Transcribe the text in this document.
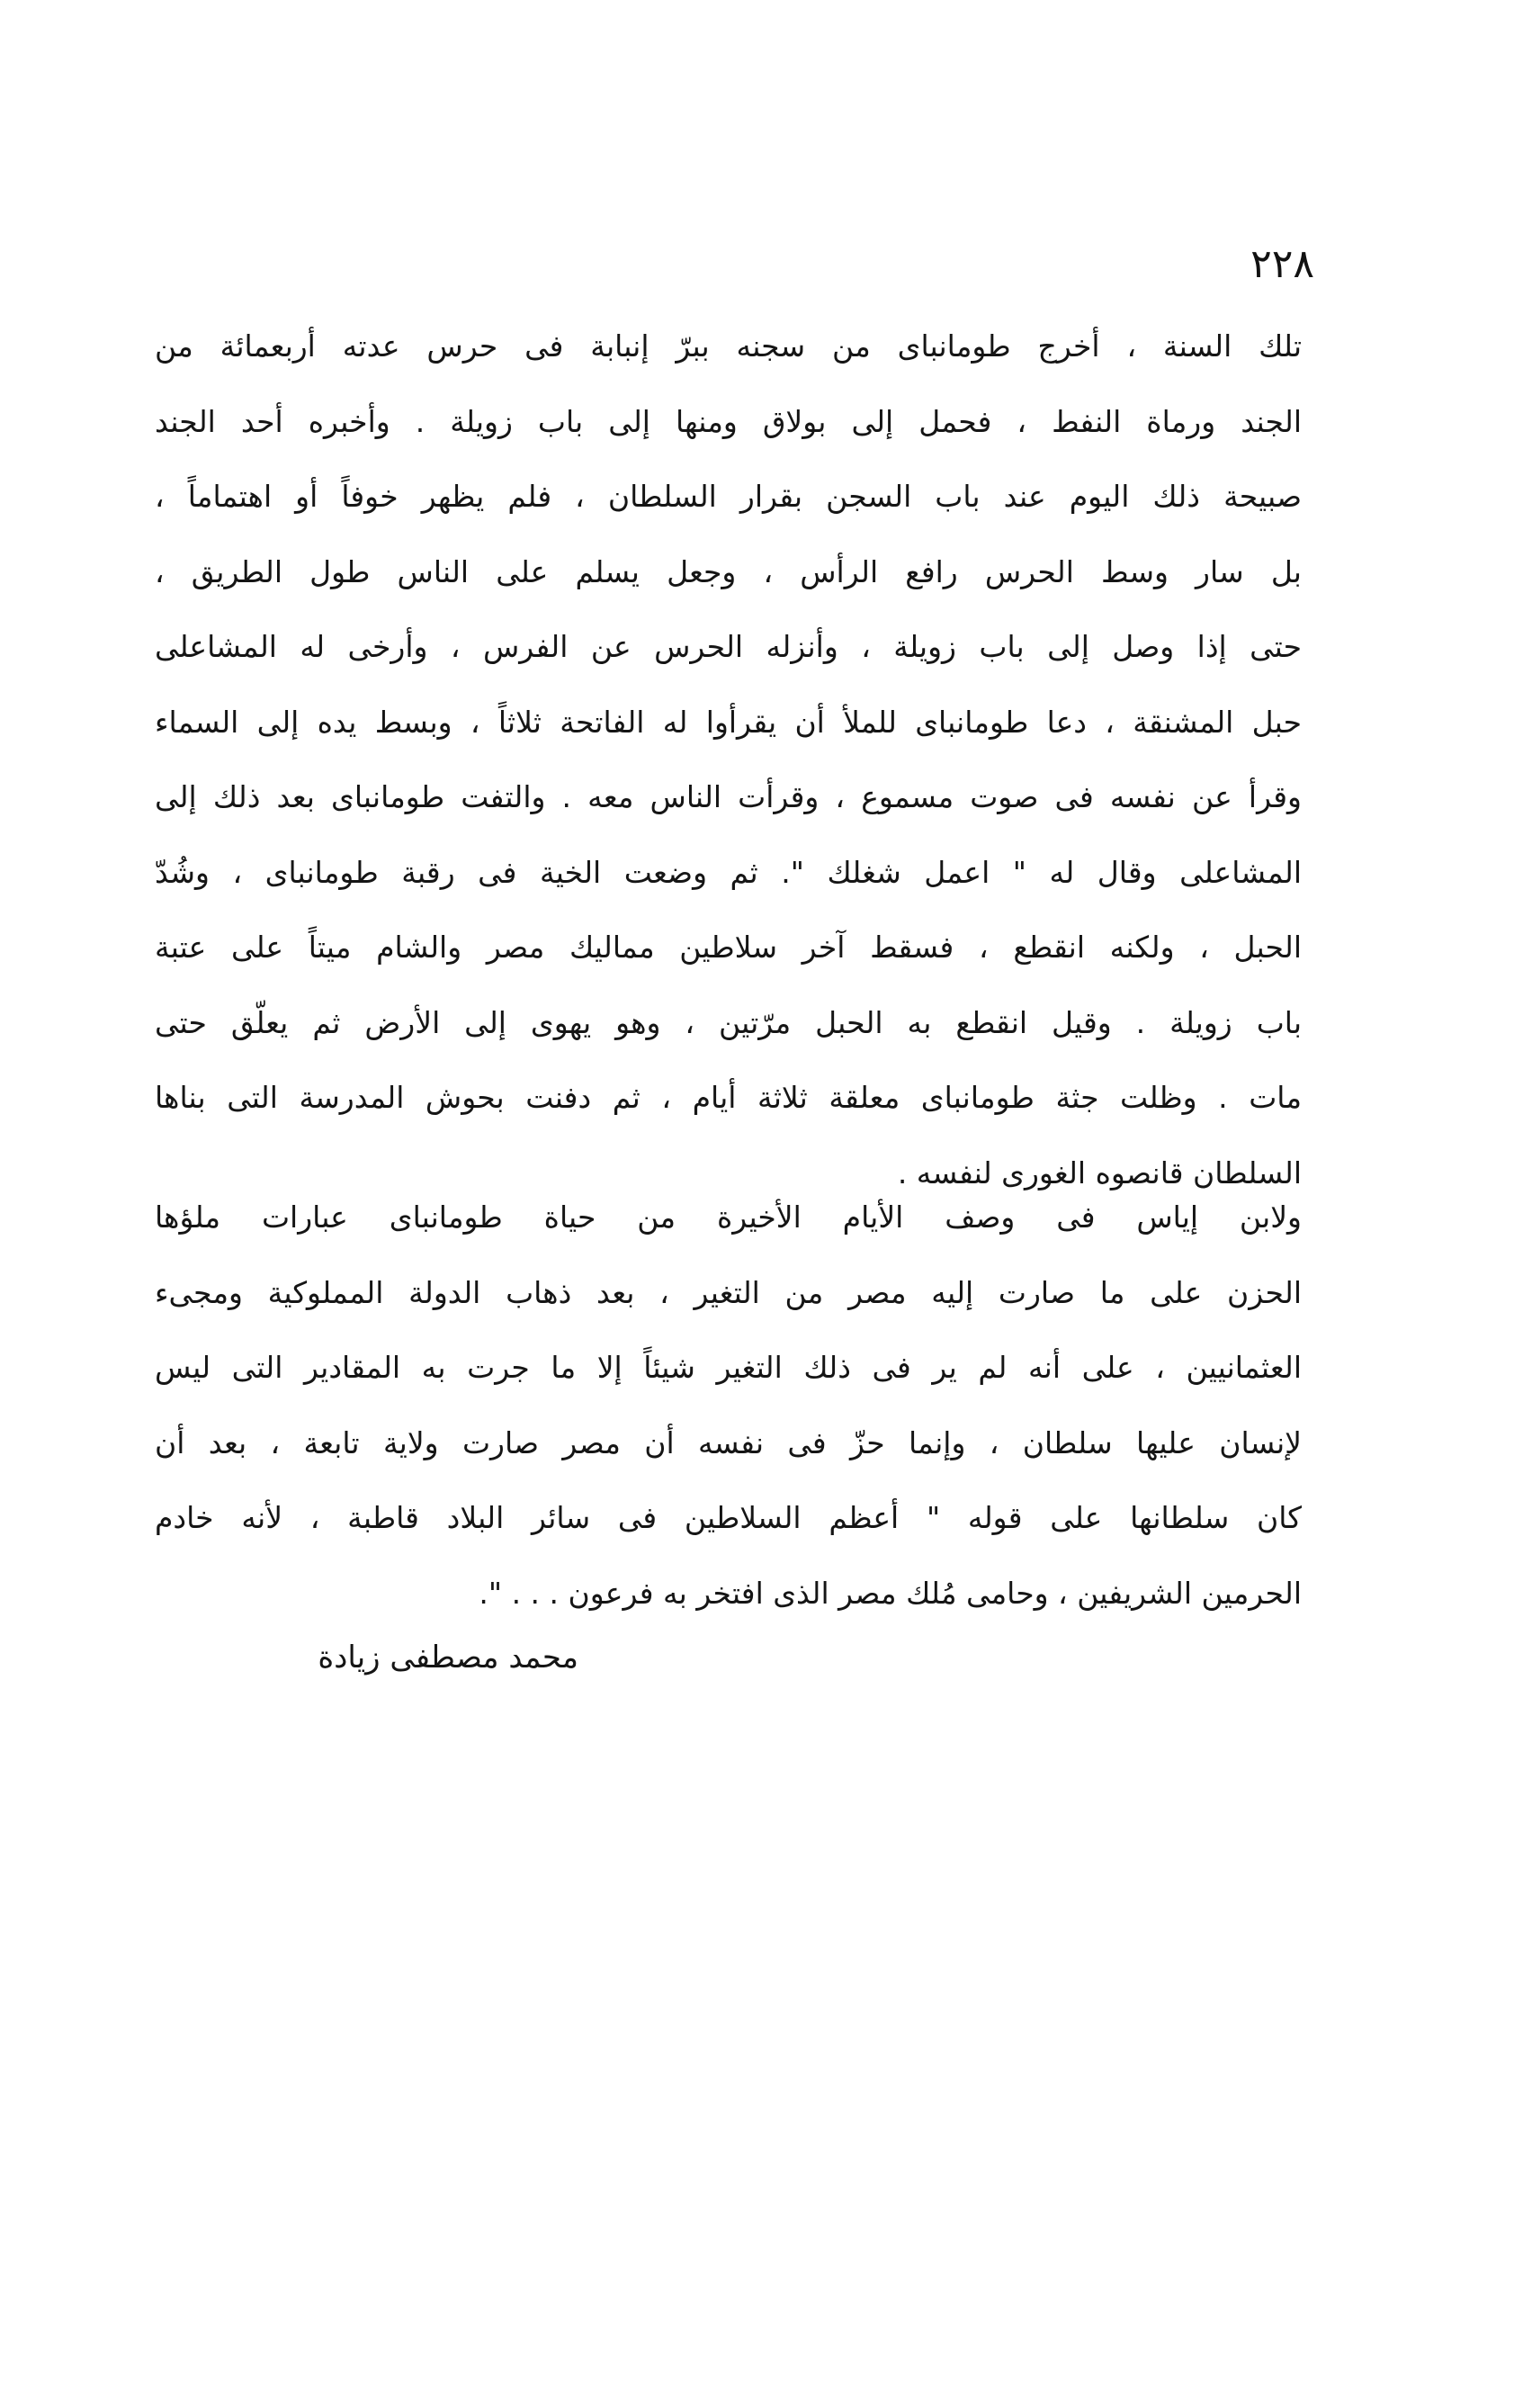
٢٢٨
تلك السنة ، أخرج طومانباى من سجنه ببرّ إنبابة فى حرس عدته أربعمائة من
الجند ورماة النفط ، فحمل إلى بولاق ومنها إلى باب زويلة . وأخبره أحد الجند
صبيحة ذلك اليوم عند باب السجن بقرار السلطان ، فلم يظهر خوفاً أو اهتماماً ،
بل سار وسط الحرس رافع الرأس ، وجعل يسلم على الناس طول الطريق ،
حتى إذا وصل إلى باب زويلة ، وأنزله الحرس عن الفرس ، وأرخى له المشاعلى
حبل المشنقة ، دعا طومانباى للملأ أن يقرأوا له الفاتحة ثلاثاً ، وبسط يده إلى السماء
وقرأ عن نفسه فى صوت مسموع ، وقرأت الناس معه . والتفت طومانباى بعد ذلك إلى
المشاعلى وقال له " اعمل شغلك ". ثم وضعت الخية فى رقبة طومانباى ، وشُدّ
الحبل ، ولكنه انقطع ، فسقط آخر سلاطين مماليك مصر والشام ميتاً على عتبة
باب زويلة . وقيل انقطع به الحبل مرّتين ، وهو يهوى إلى الأرض ثم يعلّق حتى
مات . وظلت جثة طومانباى معلقة ثلاثة أيام ، ثم دفنت بحوش المدرسة التى بناها
السلطان قانصوه الغورى لنفسه .
ولابن إياس فى وصف الأيام الأخيرة من حياة طومانباى عبارات ملؤها
الحزن على ما صارت إليه مصر من التغير ، بعد ذهاب الدولة المملوكية ومجىء
العثمانيين ، على أنه لم ير فى ذلك التغير شيئاً إلا ما جرت به المقادير التى ليس
لإنسان عليها سلطان ، وإنما حزّ فى نفسه أن مصر صارت ولاية تابعة ، بعد أن
كان سلطانها على قوله " أعظم السلاطين فى سائر البلاد قاطبة ، لأنه خادم
الحرمين الشريفين ، وحامى مُلك مصر الذى افتخر به فرعون . . . ".
محمد مصطفى زيادة
